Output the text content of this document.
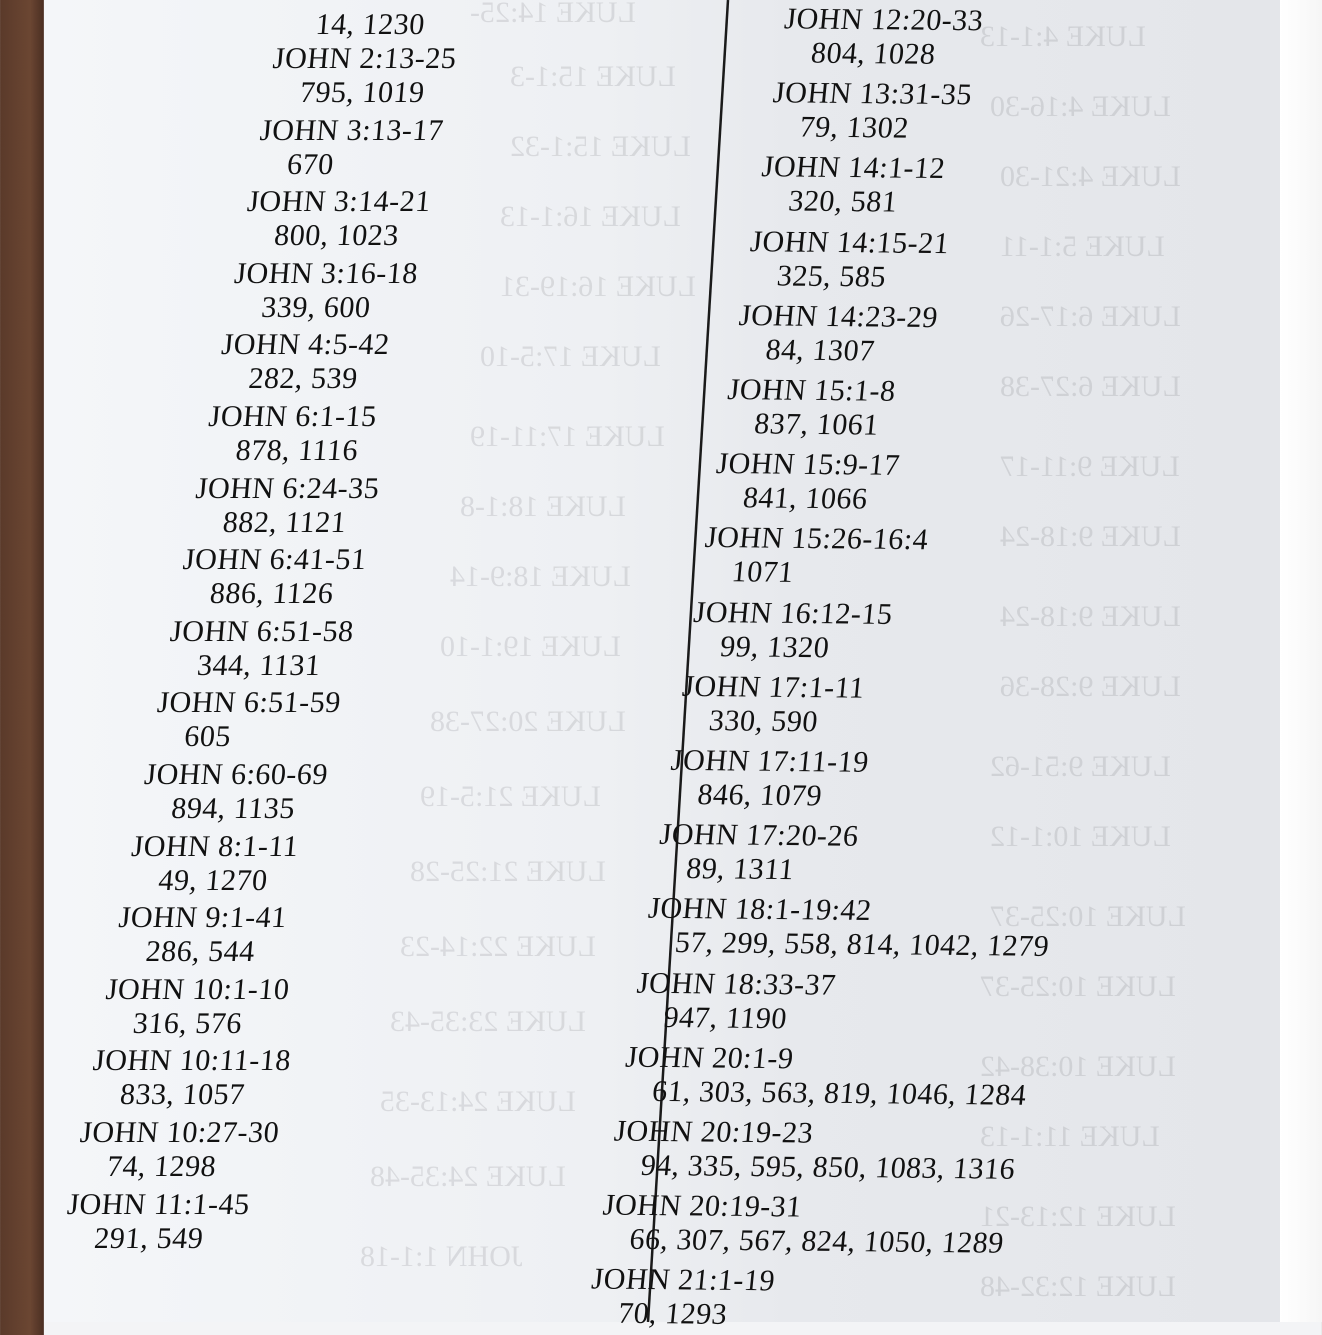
LUKE 14:25-
LUKE 15:1-3
LUKE 15:1-32
LUKE 16:1-13
LUKE 16:19-31
LUKE 17:5-10
LUKE 17:11-19
LUKE 18:1-8
LUKE 18:9-14
LUKE 19:1-10
LUKE 20:27-38
LUKE 21:5-19
LUKE 21:25-28
LUKE 22:14-23
LUKE 23:35-43
LUKE 24:13-35
LUKE 24:35-48
JOHN 1:1-18
LUKE 4:1-13
LUKE 4:16-30
LUKE 4:21-30
LUKE 5:1-11
LUKE 6:17-26
LUKE 6:27-38
LUKE 9:11-17
LUKE 9:18-24
LUKE 9:18-24
LUKE 9:28-36
LUKE 9:51-62
LUKE 10:1-12
LUKE 10:25-37
LUKE 10:25-37
LUKE 10:38-42
LUKE 11:1-13
LUKE 12:13-21
LUKE 12:32-48
14, 1230
JOHN 2:13-25
795, 1019
JOHN 3:13-17
670
JOHN 3:14-21
800, 1023
JOHN 3:16-18
339, 600
JOHN 4:5-42
282, 539
JOHN 6:1-15
878, 1116
JOHN 6:24-35
882, 1121
JOHN 6:41-51
886, 1126
JOHN 6:51-58
344, 1131
JOHN 6:51-59
605
JOHN 6:60-69
894, 1135
JOHN 8:1-11
49, 1270
JOHN 9:1-41
286, 544
JOHN 10:1-10
316, 576
JOHN 10:11-18
833, 1057
JOHN 10:27-30
74, 1298
JOHN 11:1-45
291, 549
JOHN 12:20-33
804, 1028
JOHN 13:31-35
79, 1302
JOHN 14:1-12
320, 581
JOHN 14:15-21
325, 585
JOHN 14:23-29
84, 1307
JOHN 15:1-8
837, 1061
JOHN 15:9-17
841, 1066
JOHN 15:26-16:4
1071
JOHN 16:12-15
99, 1320
JOHN 17:1-11
330, 590
JOHN 17:11-19
846, 1079
JOHN 17:20-26
89, 1311
JOHN 18:1-19:42
57, 299, 558, 814, 1042, 1279
JOHN 18:33-37
947, 1190
JOHN 20:1-9
61, 303, 563, 819, 1046, 1284
JOHN 20:19-23
94, 335, 595, 850, 1083, 1316
JOHN 20:19-31
66, 307, 567, 824, 1050, 1289
JOHN 21:1-19
70, 1293
